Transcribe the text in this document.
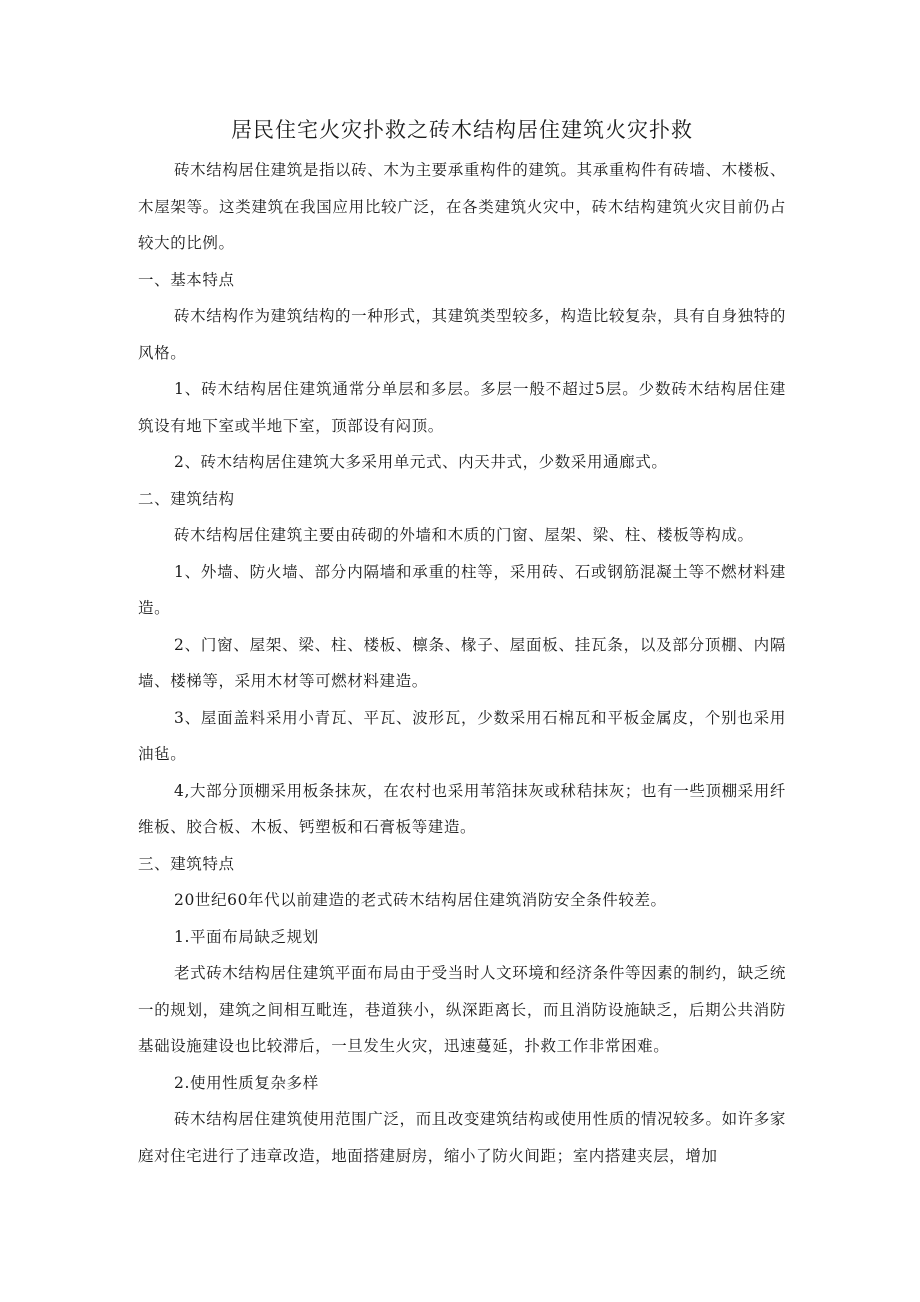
居民住宅火灾扑救之砖木结构居住建筑火灾扑救

砖木结构居住建筑是指以砖、木为主要承重构件的建筑。其承重构件有砖墙、木楼板、木屋架等。这类建筑在我国应用比较广泛，在各类建筑火灾中，砖木结构建筑火灾目前仍占较大的比例。

一、基本特点

砖木结构作为建筑结构的一种形式，其建筑类型较多，构造比较复杂，具有自身独特的风格。

1、砖木结构居住建筑通常分单层和多层。多层一般不超过5层。少数砖木结构居住建筑设有地下室或半地下室，顶部设有闷顶。

2、砖木结构居住建筑大多采用单元式、内天井式，少数采用通廊式。

二、建筑结构

砖木结构居住建筑主要由砖砌的外墙和木质的门窗、屋架、梁、柱、楼板等构成。

1、外墙、防火墙、部分内隔墙和承重的柱等，采用砖、石或钢筋混凝土等不燃材料建造。

2、门窗、屋架、梁、柱、楼板、檩条、椽子、屋面板、挂瓦条，以及部分顶棚、内隔墙、楼梯等，采用木材等可燃材料建造。

3、屋面盖料采用小青瓦、平瓦、波形瓦，少数采用石棉瓦和平板金属皮，个别也采用油毡。

4,大部分顶棚采用板条抹灰，在农村也采用苇箔抹灰或秫秸抹灰；也有一些顶棚采用纤维板、胶合板、木板、钙塑板和石膏板等建造。

三、建筑特点

20世纪60年代以前建造的老式砖木结构居住建筑消防安全条件较差。

1.平面布局缺乏规划

老式砖木结构居住建筑平面布局由于受当时人文环境和经济条件等因素的制约，缺乏统一的规划，建筑之间相互毗连，巷道狭小，纵深距离长，而且消防设施缺乏，后期公共消防基础设施建设也比较滞后，一旦发生火灾，迅速蔓延，扑救工作非常困难。

2.使用性质复杂多样

砖木结构居住建筑使用范围广泛，而且改变建筑结构或使用性质的情况较多。如许多家庭对住宅进行了违章改造，地面搭建厨房，缩小了防火间距；室内搭建夹层，增加
